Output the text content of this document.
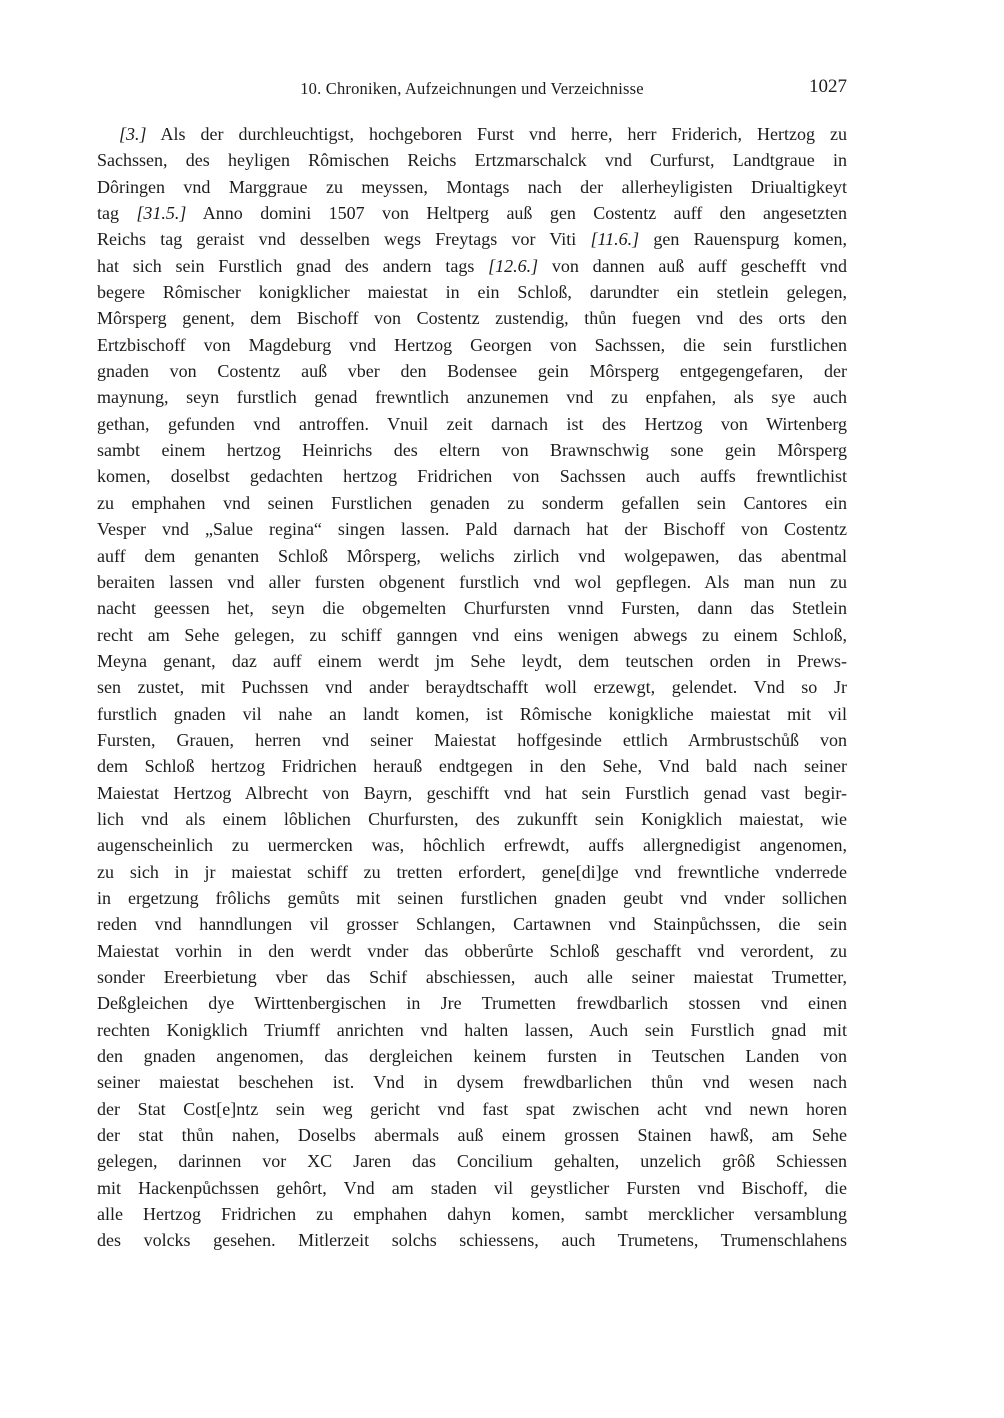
10. Chroniken, Aufzeichnungen und Verzeichnisse	1027
[3.] Als der durchleuchtigst, hochgeboren Furst vnd herre, herr Friderich, Hertzog zu
Sachssen, des heyligen Rômischen Reichs Ertzmarschalck vnd Curfurst, Landtgraue in
Dôringen vnd Marggraue zu meyssen, Montags nach der allerheyligisten Driualtigkeyt
tag [31.5.] Anno domini 1507 von Heltperg auß gen Costentz auff den angesetzten
Reichs tag geraist vnd desselben wegs Freytags vor Viti [11.6.] gen Rauenspurg komen,
hat sich sein Furstlich gnad des andern tags [12.6.] von dannen auß auff geschefft vnd
begere Rômischer konigklicher maiestat in ein Schloß, darundter ein stetlein gelegen,
Môrsperg genent, dem Bischoff von Costentz zustendig, thůn fuegen vnd des orts den
Ertzbischoff von Magdeburg vnd Hertzog Georgen von Sachssen, die sein furstlichen
gnaden von Costentz auß vber den Bodensee gein Môrsperg entgegengefaren, der
maynung, seyn furstlich genad frewntlich anzunemen vnd zu enpfahen, als sye auch
gethan, gefunden vnd antroffen. Vnuil zeit darnach ist des Hertzog von Wirtenberg
sambt einem hertzog Heinrichs des eltern von Brawnschwig sone gein Môrsperg
komen, doselbst gedachten hertzog Fridrichen von Sachssen auch auffs frewntlichist
zu emphahen vnd seinen Furstlichen genaden zu sonderm gefallen sein Cantores ein
Vesper vnd „Salue regina“ singen lassen. Pald darnach hat der Bischoff von Costentz
auff dem genanten Schloß Môrsperg, welichs zirlich vnd wolgepawen, das abentmal
beraiten lassen vnd aller fursten obgenent furstlich vnd wol gepflegen. Als man nun zu
nacht geessen het, seyn die obgemelten Churfursten vnnd Fursten, dann das Stetlein
recht am Sehe gelegen, zu schiff ganngen vnd eins wenigen abwegs zu einem Schloß,
Meyna genant, daz auff einem werdt jm Sehe leydt, dem teutschen orden in Prews-
sen zustet, mit Puchssen vnd ander beraydtschafft woll erzewgt, gelendet. Vnd so Jr
furstlich gnaden vil nahe an landt komen, ist Rômische konigkliche maiestat mit vil
Fursten, Grauen, herren vnd seiner Maiestat hoffgesinde ettlich Armbrustschůß von
dem Schloß hertzog Fridrichen herauß endtgegen in den Sehe, Vnd bald nach seiner
Maiestat Hertzog Albrecht von Bayrn, geschifft vnd hat sein Furstlich genad vast begir-
lich vnd als einem lôblichen Churfursten, des zukunfft sein Konigklich maiestat, wie
augenscheinlich zu uermercken was, hôchlich erfrewdt, auffs allergnedigist angenomen,
zu sich in jr maiestat schiff zu tretten erfordert, gene[di]ge vnd frewntliche vnderrede
in ergetzung frôlichs gemůts mit seinen furstlichen gnaden geubt vnd vnder sollichen
reden vnd hanndlungen vil grosser Schlangen, Cartawnen vnd Stainpůchssen, die sein
Maiestat vorhin in den werdt vnder das obberůrte Schloß geschafft vnd verordent, zu
sonder Ereerbietung vber das Schif abschiessen, auch alle seiner maiestat Trumetter,
Deßgleichen dye Wirttenbergischen in Jre Trumetten frewdbarlich stossen vnd einen
rechten Konigklich Triumff anrichten vnd halten lassen, Auch sein Furstlich gnad mit
den gnaden angenomen, das dergleichen keinem fursten in Teutschen Landen von
seiner maiestat beschehen ist. Vnd in dysem frewdbarlichen thůn vnd wesen nach
der Stat Cost[e]ntz sein weg gericht vnd fast spat zwischen acht vnd newn horen
der stat thůn nahen, Doselbs abermals auß einem grossen Stainen hawß, am Sehe
gelegen, darinnen vor XC Jaren das Concilium gehalten, unzelich grôß Schiessen
mit Hackenpůchssen gehôrt, Vnd am staden vil geystlicher Fursten vnd Bischoff, die
alle Hertzog Fridrichen zu emphahen dahyn komen, sambt mercklicher versamblung
des volcks gesehen. Mitlerzeit solchs schiessens, auch Trumetens, Trumenschlahens
